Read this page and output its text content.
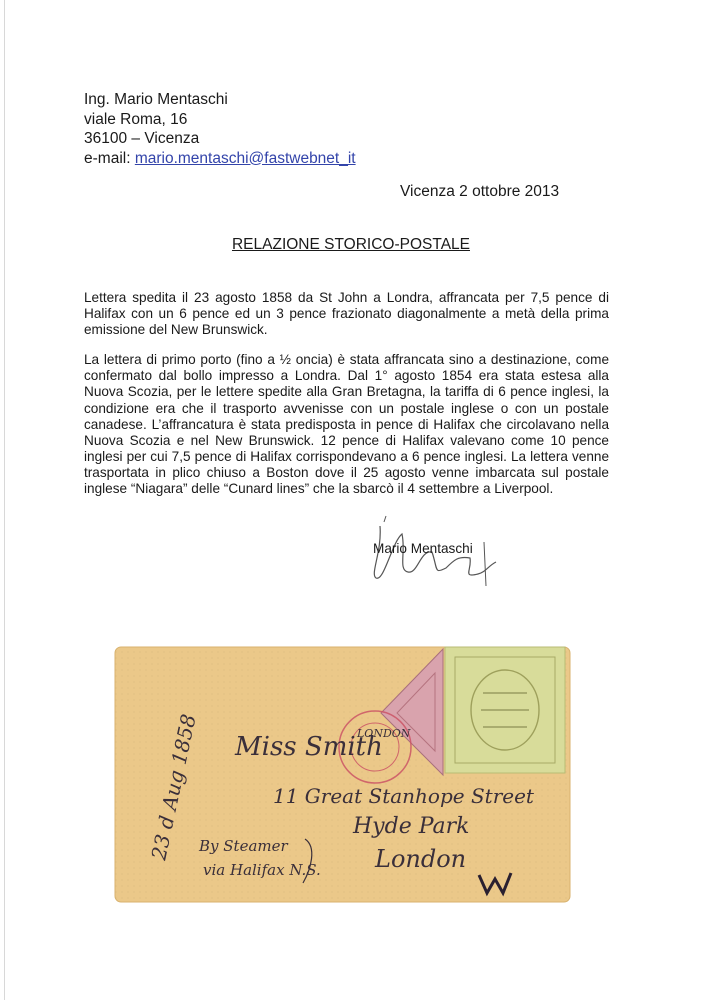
Ing. Mario Mentaschi
viale Roma, 16
36100 – Vicenza
e-mail: mario.mentaschi@fastwebnet_it
Vicenza 2 ottobre 2013
RELAZIONE STORICO-POSTALE

Lettera spedita il 23 agosto 1858 da St John a Londra, affrancata per 7,5 pence di Halifax con un 6 pence ed un 3 pence frazionato diagonalmente a metà della prima emissione del New Brunswick.

La lettera di primo porto (fino a ½ oncia) è stata affrancata sino a destinazione, come confermato dal bollo impresso a Londra. Dal 1° agosto 1854 era stata estesa alla Nuova Scozia, per le lettere spedite alla Gran Bretagna, la tariffa di 6 pence inglesi, la condizione era che il trasporto avvenisse con un postale inglese o con un postale canadese. L’affrancatura è stata predisposta in pence di Halifax che circolavano nella Nuova Scozia e nel New Brunswick. 12 pence di Halifax valevano come 10 pence inglesi per cui 7,5 pence di Halifax corrispondevano a 6 pence inglesi. La lettera venne trasportata in plico chiuso a Boston dove il 25 agosto venne imbarcata sul postale inglese “Niagara” delle “Cunard lines” che la sbarcò il 4 settembre a Liverpool.

Mario Mentaschi
LONDON
23 d Aug 1858 Miss Smith
11 Great Stanhope Street
Hyde Park
London
By Steamer
via Halifax N.S.
